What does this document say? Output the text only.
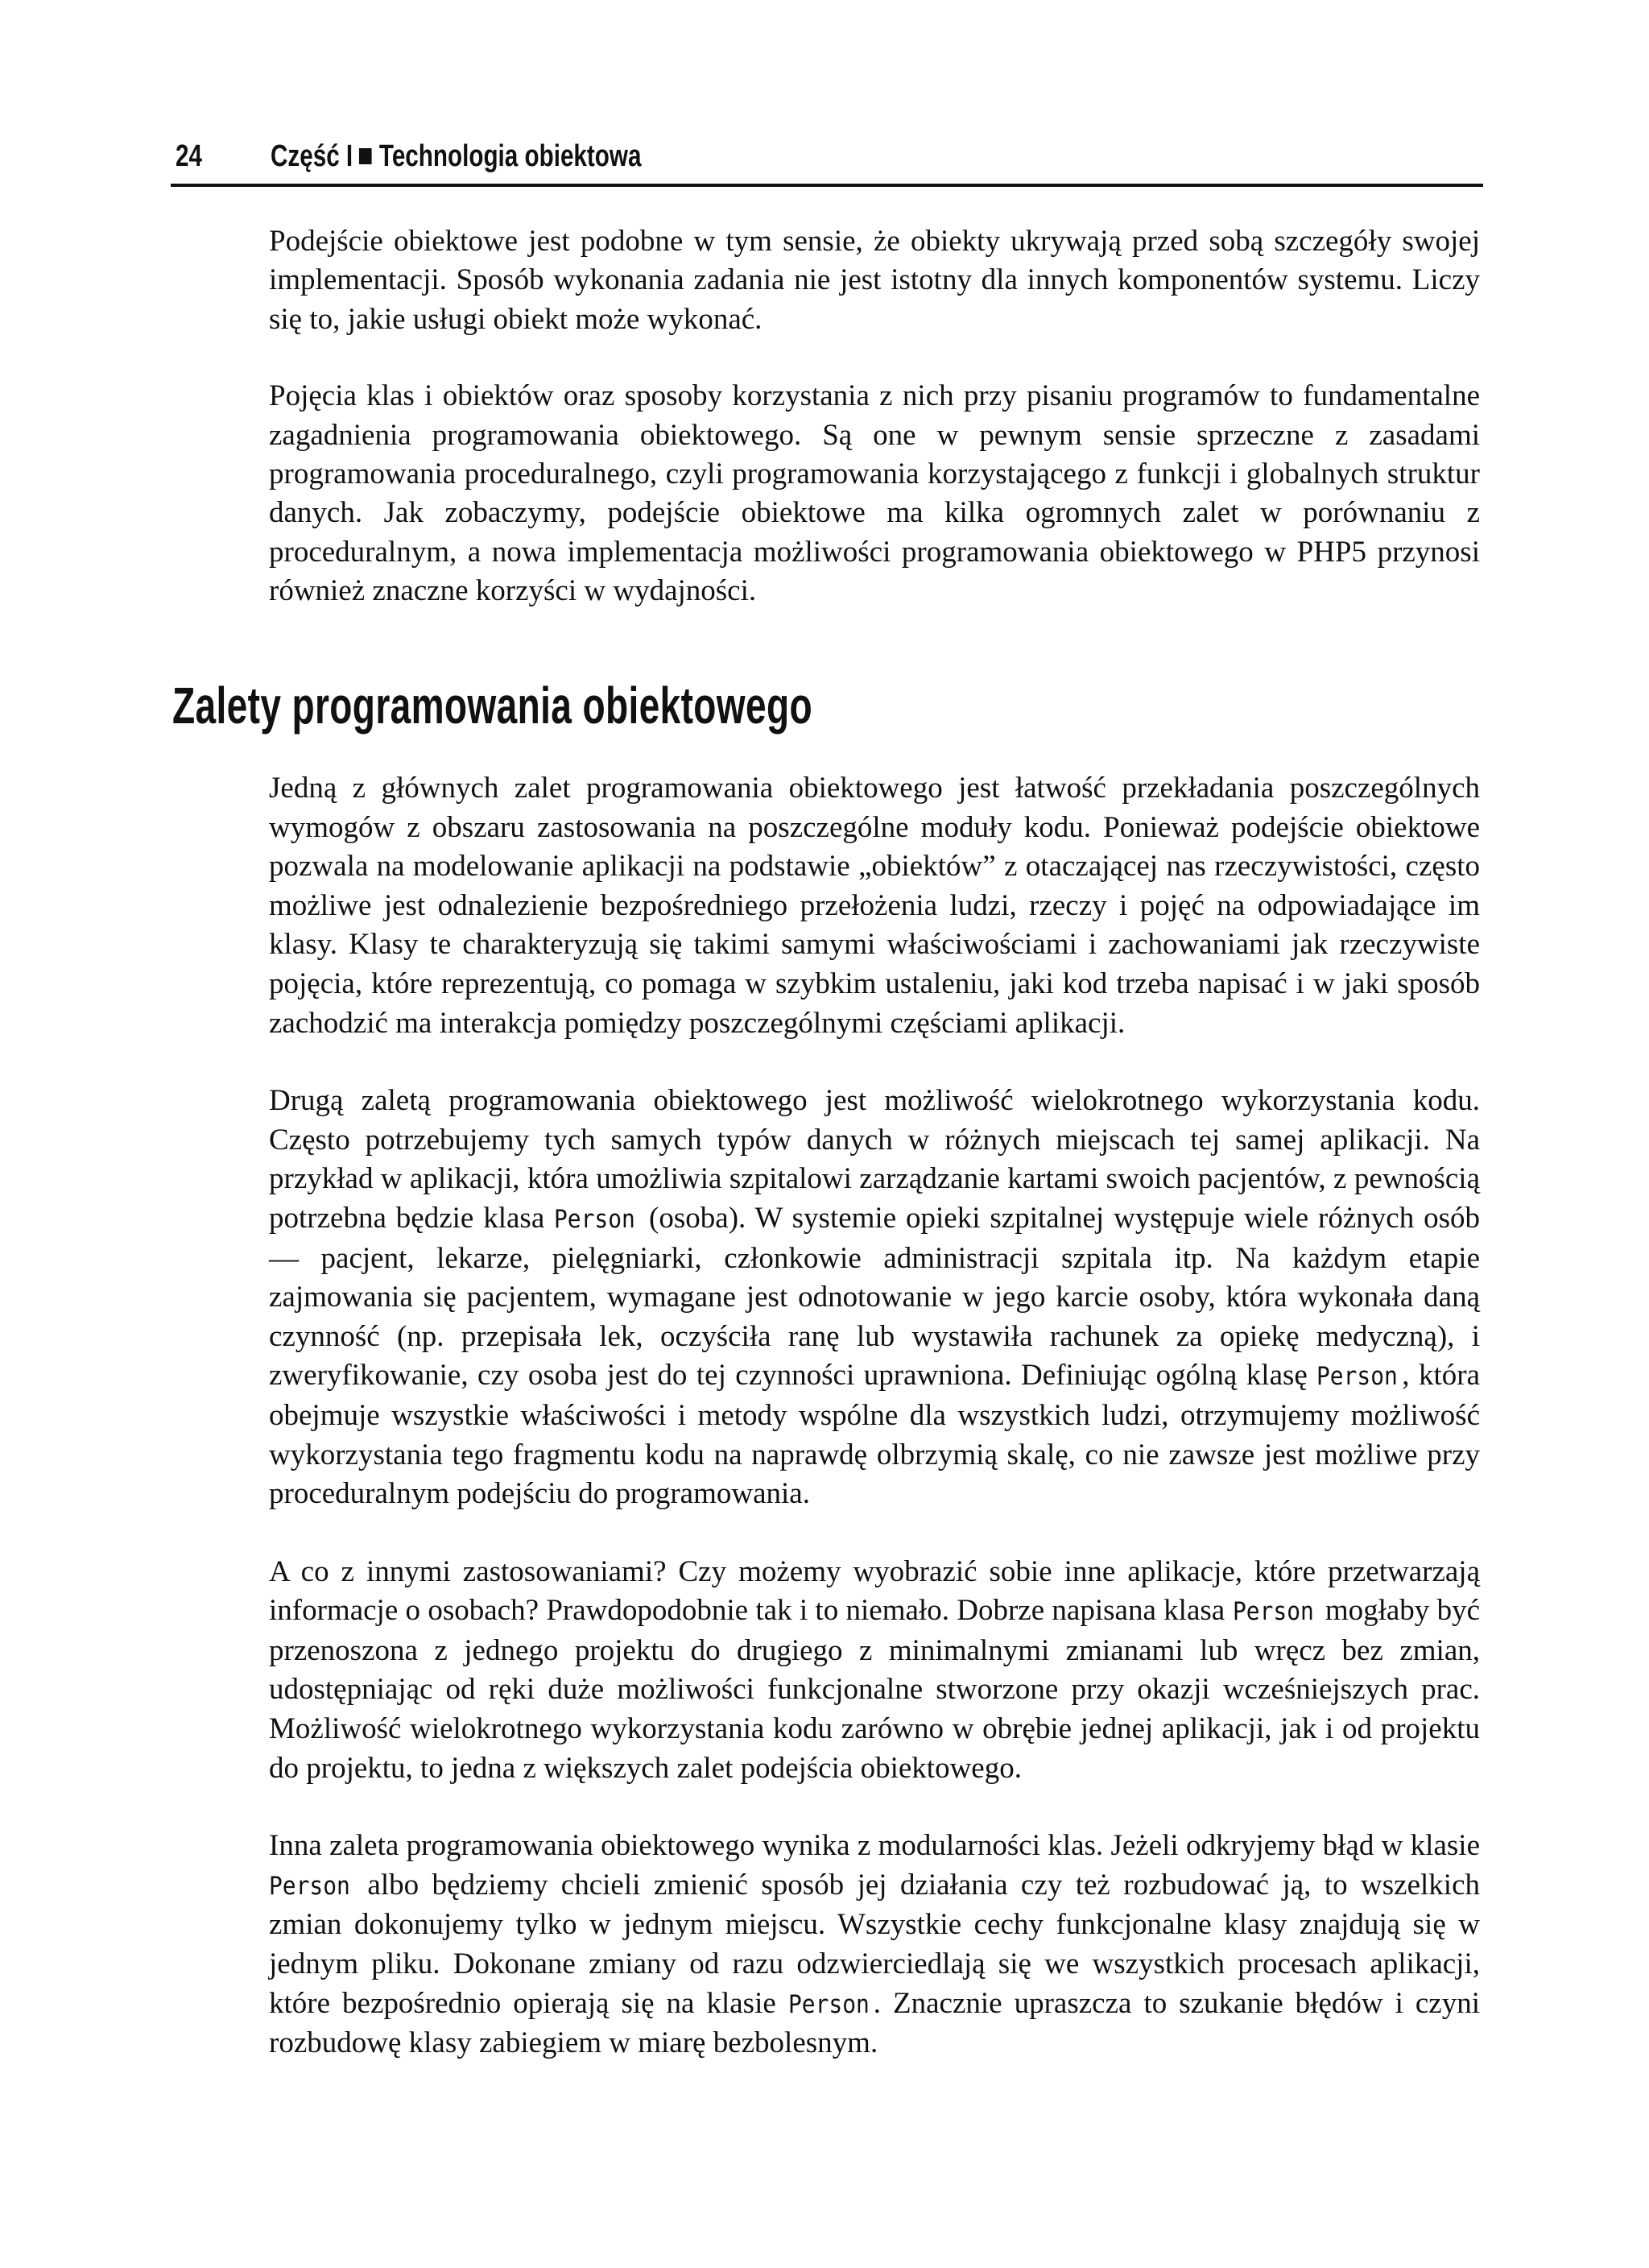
24 Część I Technologia obiektowa

Podejście obiektowe jest podobne w tym sensie, że obiekty ukrywają przed sobą szczegóły swojej implementacji. Sposób wykonania zadania nie jest istotny dla innych komponentów systemu. Liczy się to, jakie usługi obiekt może wykonać.

Pojęcia klas i obiektów oraz sposoby korzystania z nich przy pisaniu programów to fundamentalne zagadnienia programowania obiektowego. Są one w pewnym sensie sprzeczne z zasadami programowania proceduralnego, czyli programowania korzystającego z funkcji i globalnych struktur danych. Jak zobaczymy, podejście obiektowe ma kilka ogromnych zalet w porównaniu z proceduralnym, a nowa implementacja możliwości programowania obiektowego w PHP5 przynosi również znaczne korzyści w wydajności.

Zalety programowania obiektowego

Jedną z głównych zalet programowania obiektowego jest łatwość przekładania poszczególnych wymogów z obszaru zastosowania na poszczególne moduły kodu. Ponieważ podejście obiektowe pozwala na modelowanie aplikacji na podstawie „obiektów” z otaczającej nas rzeczywistości, często możliwe jest odnalezienie bezpośredniego przełożenia ludzi, rzeczy i pojęć na odpowiadające im klasy. Klasy te charakteryzują się takimi samymi właściwościami i zachowaniami jak rzeczywiste pojęcia, które reprezentują, co pomaga w szybkim ustaleniu, jaki kod trzeba napisać i w jaki sposób zachodzić ma interakcja pomiędzy poszczególnymi częściami aplikacji.

Drugą zaletą programowania obiektowego jest możliwość wielokrotnego wykorzystania kodu. Często potrzebujemy tych samych typów danych w różnych miejscach tej samej aplikacji. Na przykład w aplikacji, która umożliwia szpitalowi zarządzanie kartami swoich pacjentów, z pewnością potrzebna będzie klasa Person (osoba). W systemie opieki szpitalnej występuje wiele różnych osób — pacjent, lekarze, pielęgniarki, członkowie administracji szpitala itp. Na każdym etapie zajmowania się pacjentem, wymagane jest odnotowanie w jego karcie osoby, która wykonała daną czynność (np. przepisała lek, oczyściła ranę lub wystawiła rachunek za opiekę medyczną), i zweryfikowanie, czy osoba jest do tej czynności uprawniona. Definiując ogólną klasę Person , która obejmuje wszystkie właściwości i metody wspólne dla wszystkich ludzi, otrzymujemy możliwość wykorzystania tego fragmentu kodu na naprawdę olbrzymią skalę, co nie zawsze jest możliwe przy proceduralnym podejściu do programowania.

A co z innymi zastosowaniami? Czy możemy wyobrazić sobie inne aplikacje, które przetwarzają informacje o osobach? Prawdopodobnie tak i to niemało. Dobrze napisana klasa Person mogłaby być przenoszona z jednego projektu do drugiego z minimalnymi zmianami lub wręcz bez zmian, udostępniając od ręki duże możliwości funkcjonalne stworzone przy okazji wcześniejszych prac. Możliwość wielokrotnego wykorzystania kodu zarówno w obrębie jednej aplikacji, jak i od projektu do projektu, to jedna z większych zalet podejścia obiektowego.

Inna zaleta programowania obiektowego wynika z modularności klas. Jeżeli odkryjemy błąd w klasie Person albo będziemy chcieli zmienić sposób jej działania czy też rozbudować ją, to wszelkich zmian dokonujemy tylko w jednym miejscu. Wszystkie cechy funkcjonalne klasy znajdują się w jednym pliku. Dokonane zmiany od razu odzwierciedlają się we wszystkich procesach aplikacji, które bezpośrednio opierają się na klasie Person . Znacznie upraszcza to szukanie błędów i czyni rozbudowę klasy zabiegiem w miarę bezbolesnym.
